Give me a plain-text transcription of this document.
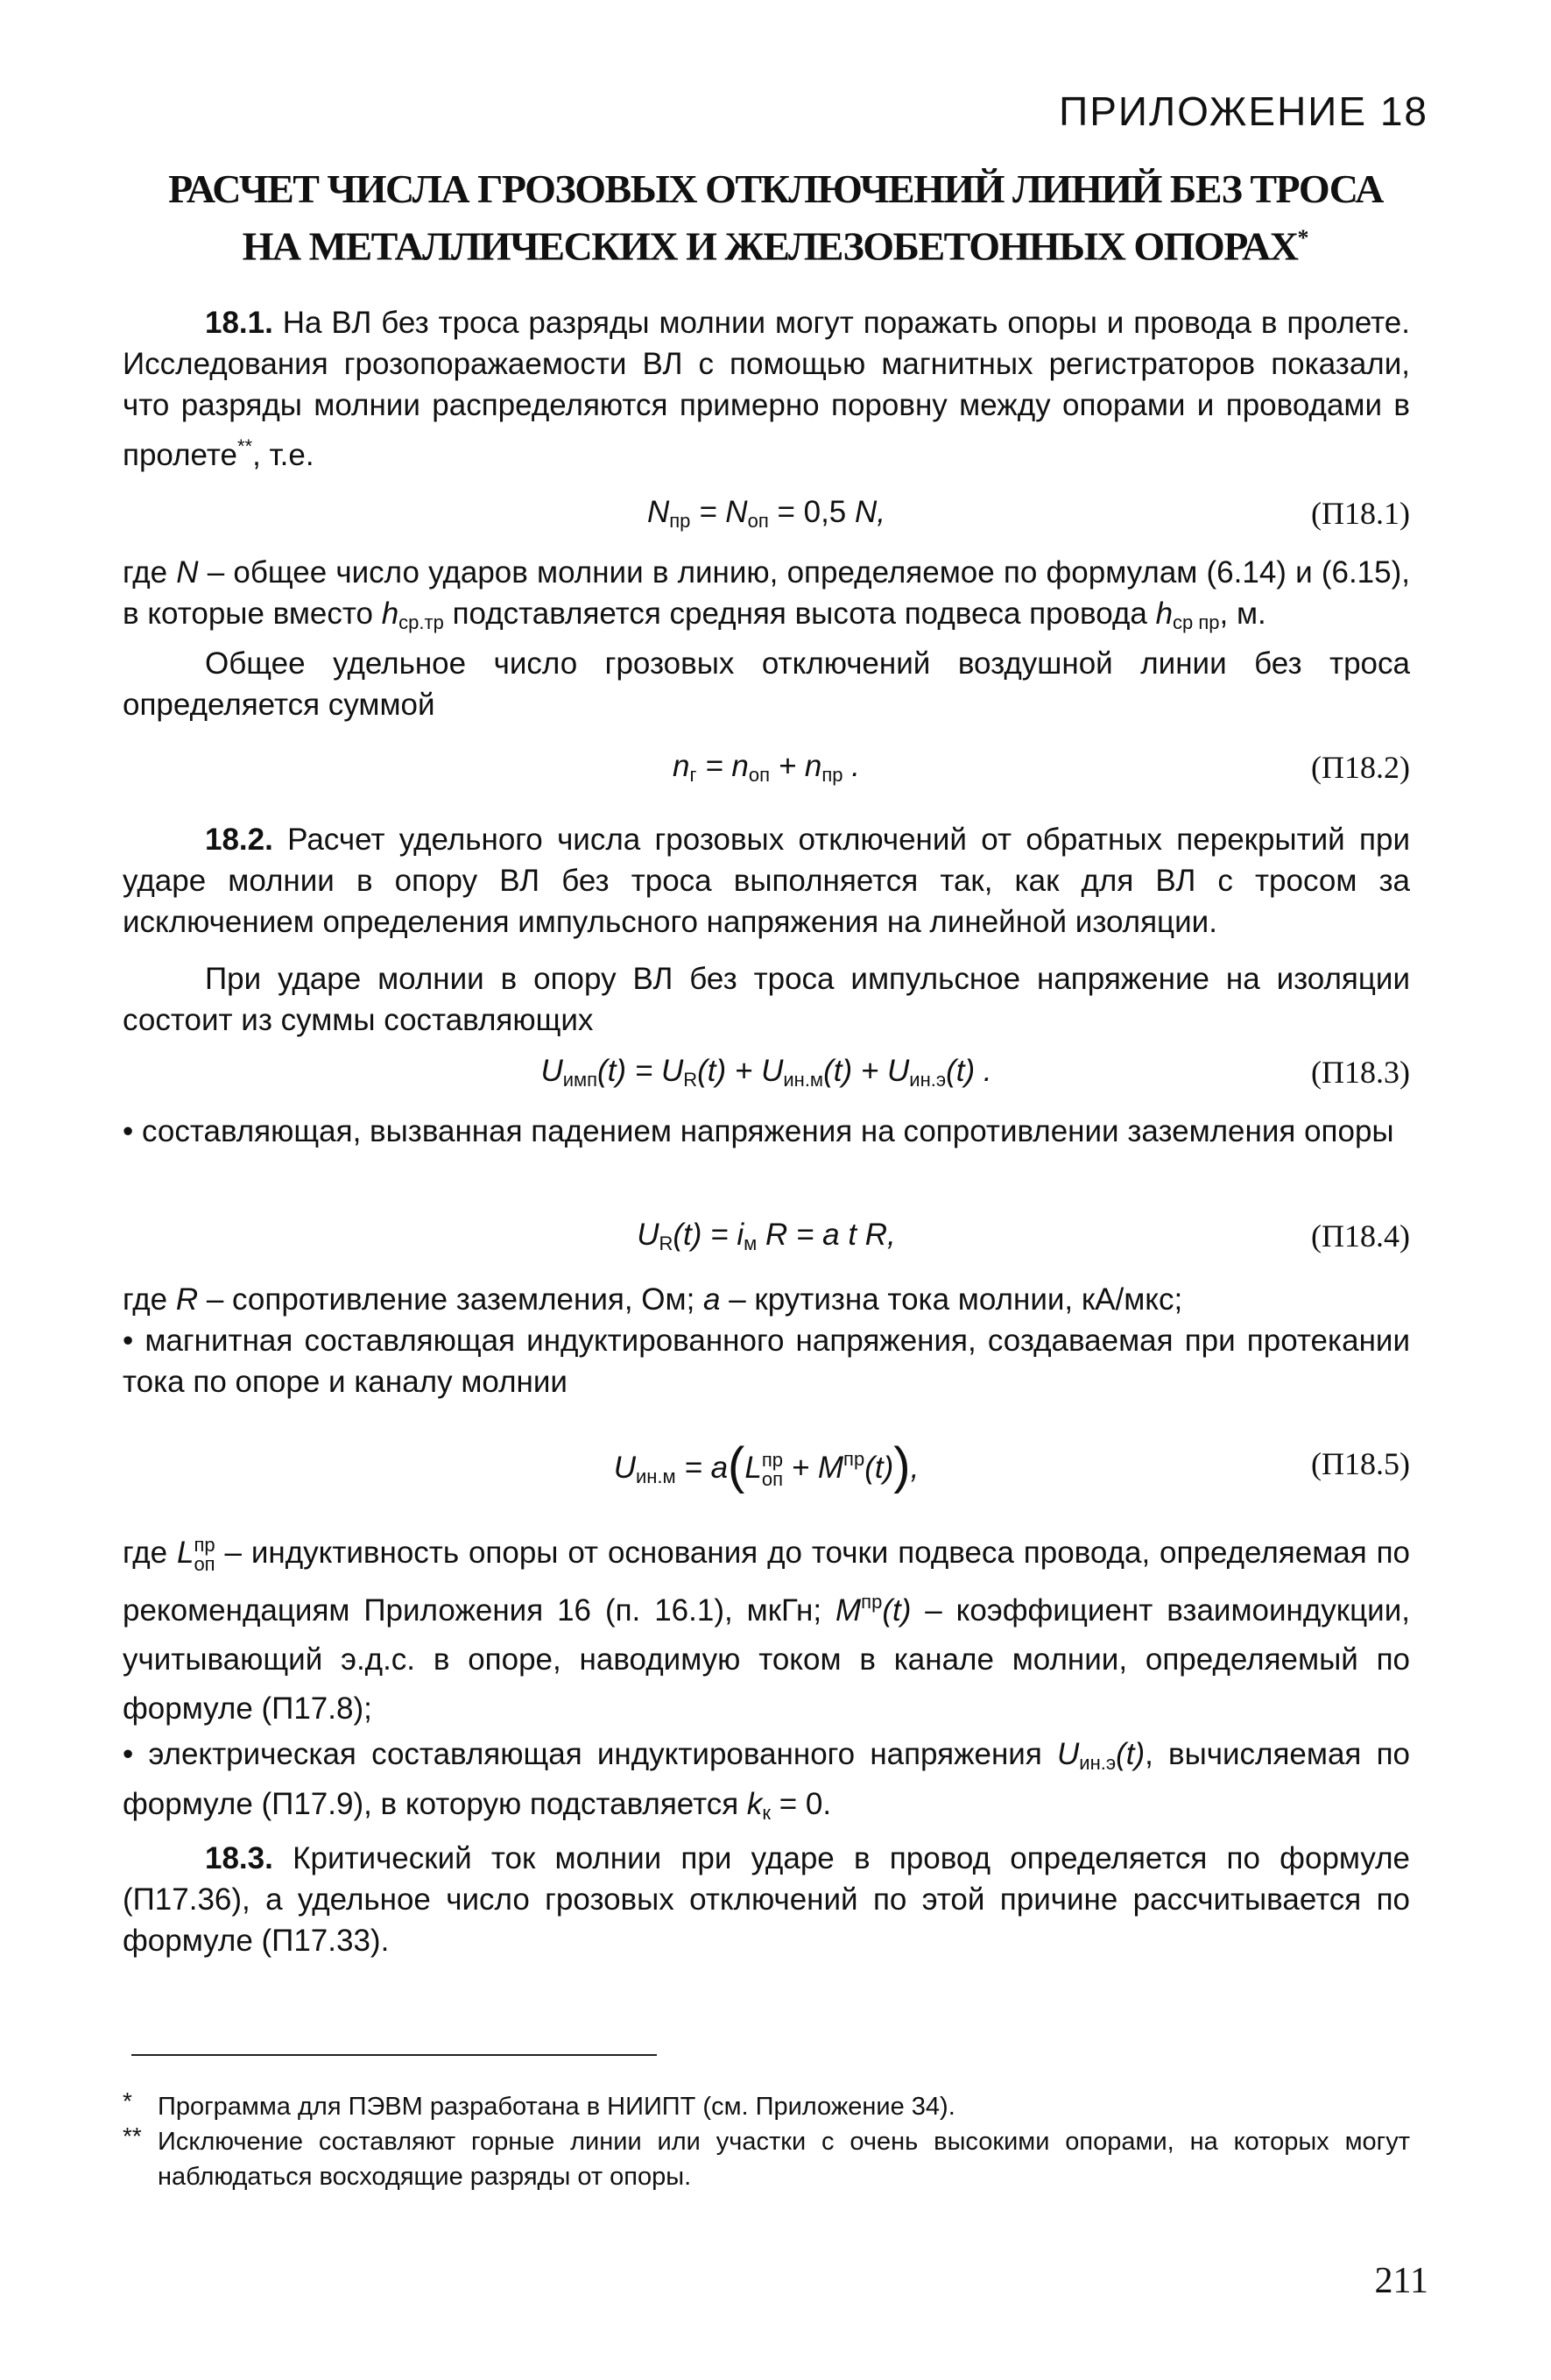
ПРИЛОЖЕНИЕ 18
РАСЧЕТ ЧИСЛА ГРОЗОВЫХ ОТКЛЮЧЕНИЙ ЛИНИЙ БЕЗ ТРОСА
НА МЕТАЛЛИЧЕСКИХ И ЖЕЛЕЗОБЕТОННЫХ ОПОРАХ*

18.1. На ВЛ без троса разряды молнии могут поражать опоры и провода в пролете. Исследования грозопоражаемости ВЛ с помощью магнитных регистраторов показали, что разряды молнии распределяются примерно поровну между опорами и проводами в пролете**, т.е.

$N_{пр} = N_{оп} = 0,5$ N,	(П18.1)

где N – общее число ударов молнии в линию, определяемое по формулам (6.14) и (6.15), в которые вместо $h_{ср.тр}$ подставляется средняя высота подвеса провода $h_{ср пр}$, м.

Общее удельное число грозовых отключений воздушной линии без троса определяется суммой

$n_г = n_{оп} + n_{пр}$ .	(П18.2)

18.2. Расчет удельного числа грозовых отключений от обратных перекрытий при ударе молнии в опору ВЛ без троса выполняется так, как для ВЛ с тросом за исключением определения импульсного напряжения на линейной изоляции.

При ударе молнии в опору ВЛ без троса импульсное напряжение на изоляции состоит из суммы составляющих

$U_{имп}(t) = U_R(t) + U_{ин.м}(t) + U_{ин.э}(t)$ .	(П18.3)

• составляющая, вызванная падением напряжения на сопротивлении заземления опоры

$U_R(t) = i_м$ R = a t R,	(П18.4)

где R – сопротивление заземления, Ом; a – крутизна тока молнии, кА/мкс;

• магнитная составляющая индуктированного напряжения, создаваемая при протекании тока по опоре и каналу молнии

$U_{ин.м} = a(Lпр$
оп + $M^{пр}(t)$),	(П18.5)

где Lпр
оп – индуктивность опоры от основания до точки подвеса провода, определяемая по рекомендациям Приложения 16 (п. 16.1), мкГн; $M^{пр}(t)$ – коэффициент взаимоиндукции, учитывающий э.д.с. в опоре, наводимую током в канале молнии, определяемый по формуле (П17.8);

• электрическая составляющая индуктированного напряжения $U_{ин.э}(t)$, вычисляемая по формуле (П17.9), в которую подставляется $k_к = 0$.

18.3. Критический ток молнии при ударе в провод определяется по формуле (П17.36), а удельное число грозовых отключений по этой причине рассчитывается по формуле (П17.33).

* Программа для ПЭВМ разработана в НИИПТ (см. Приложение 34).

** Исключение составляют горные линии или участки с очень высокими опорами, на которых могут наблюдаться восходящие разряды от опоры.

211
